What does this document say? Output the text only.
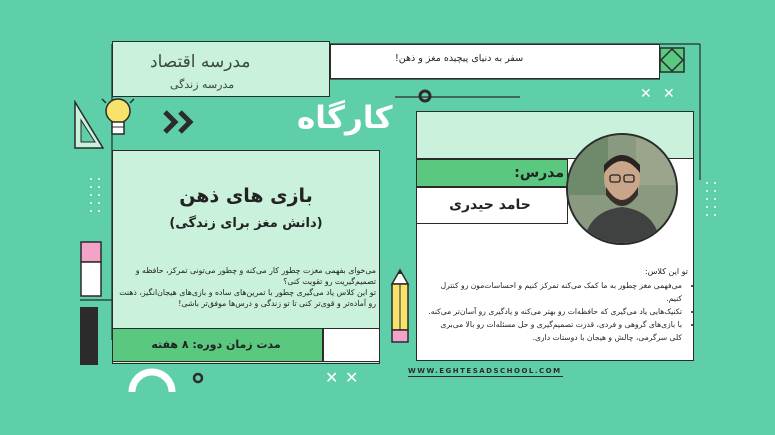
مدرسه اقتصاد
مدرسه زندگی
سفر به دنیای پیچیده مغز و ذهن!
✕ ✕
کارگاه
بازی های ذهن
(دانش مغز برای زندگی)
می‌خوای بفهمی مغزت چطور کار می‌کنه و چطور می‌تونی تمرکز، حافظه و تصمیم‌گیریت رو تقویت کنی؟
تو این کلاس یاد می‌گیری چطور با تمرین‌های ساده و بازی‌های هیجان‌انگیز، ذهنت رو آماده‌تر و قوی‌تر کنی تا تو زندگی و درس‌ها موفق‌تر باشی!
مدت زمان دوره: ۸ هفته
مدرس:
حامد حیدری
تو این کلاس:
• می‌فهمی مغز چطور به ما کمک می‌کنه تمرکز کنیم و احساسات‌مون رو کنترل کنیم.
• تکنیک‌هایی یاد می‌گیری که حافظه‌ات رو بهتر می‌کنه و یادگیری رو آسان‌تر می‌کنه.
• با بازی‌های گروهی و فردی، قدرت تصمیم‌گیری و حل مسئله‌ات رو بالا می‌بری
کلی سرگرمی، چالش و هیجان با دوستات داری.
WWW.EGHTESADSCHOOL.COM
✕ ✕
